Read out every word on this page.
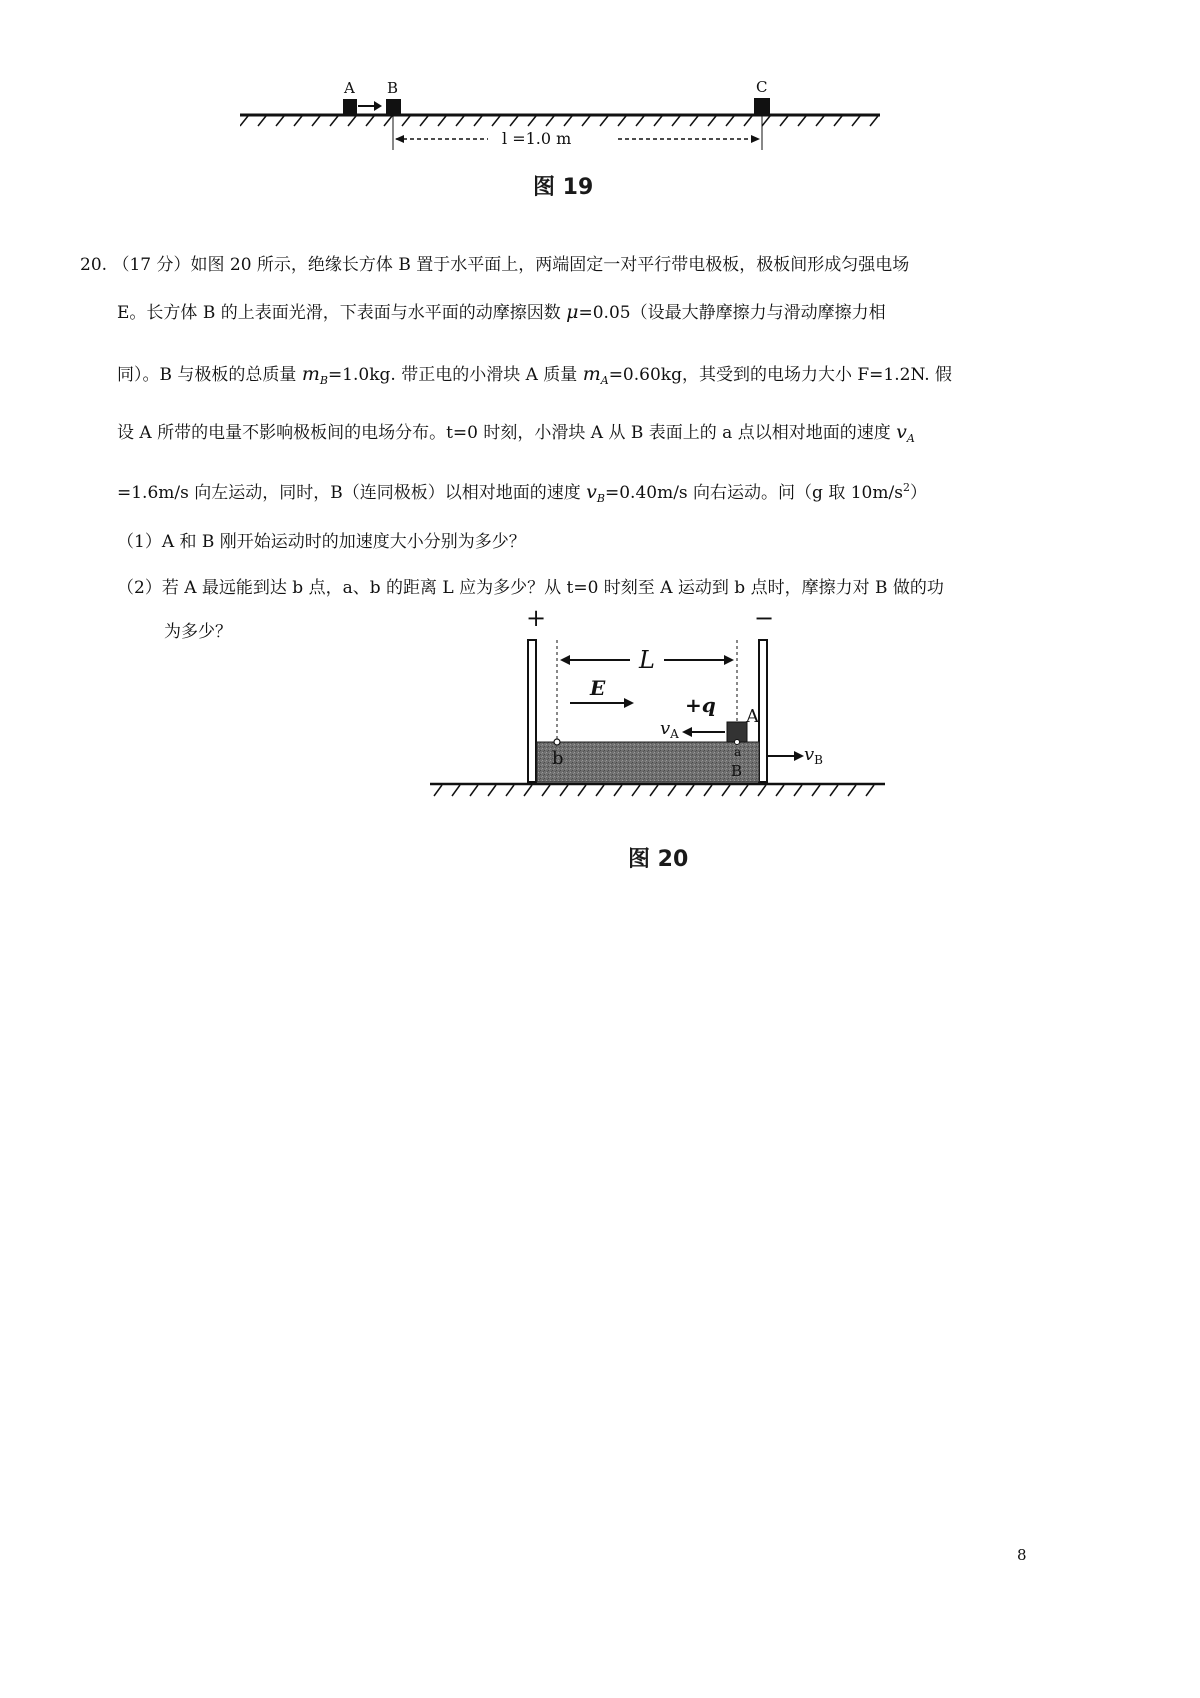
A B	C
l =1.0 m
图 19
20. （17 分）如图 20 所示，绝缘长方体 B 置于水平面上，两端固定一对平行带电极板，极板间形成匀强电场
E。长方体 B 的上表面光滑，下表面与水平面的动摩擦因数 μ=0.05（设最大静摩擦力与滑动摩擦力相
同）。B 与极板的总质量 $m_B=1.0kg$. 带正电的小滑块 A 质量 $m_A=0.60kg$，其受到的电场力大小 F=1.2N. 假
设 A 所带的电量不影响极板间的电场分布。t=0 时刻，小滑块 A 从 B 表面上的 a 点以相对地面的速度 $v_A$
=1.6m/s 向左运动，同时，B（连同极板）以相对地面的速度 $v_B=0.40m/s$ 向右运动。问（g 取 $10m/s^2$）
（1）A 和 B 刚开始运动时的加速度大小分别为多少？
（2）若 A 最远能到达 b 点，a、b 的距离 L 应为多少？从 t=0 时刻至 A 运动到 b 点时，摩擦力对 B 做的功
为多少？	+	−
L
E
+q A
$v_A$
b	a
B
$v_B$
图 20
8
